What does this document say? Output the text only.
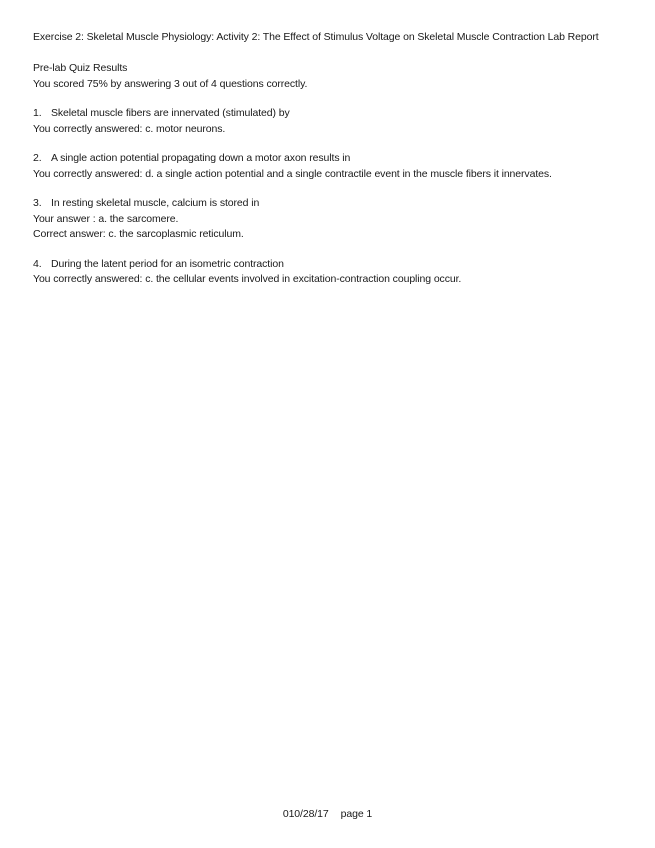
Exercise 2: Skeletal Muscle Physiology: Activity 2: The Effect of Stimulus Voltage on Skeletal Muscle Contraction Lab Report
Pre-lab Quiz Results
You scored 75% by answering 3 out of 4 questions correctly.
1. Skeletal muscle fibers are innervated (stimulated) by
You correctly answered: c. motor neurons.
2. A single action potential propagating down a motor axon results in
You correctly answered: d. a single action potential and a single contractile event in the muscle fibers it innervates.
3. In resting skeletal muscle, calcium is stored in
Your answer : a. the sarcomere.
Correct answer: c. the sarcoplasmic reticulum.
4. During the latent period for an isometric contraction
You correctly answered: c. the cellular events involved in excitation-contraction coupling occur.
010/28/17 page 1
